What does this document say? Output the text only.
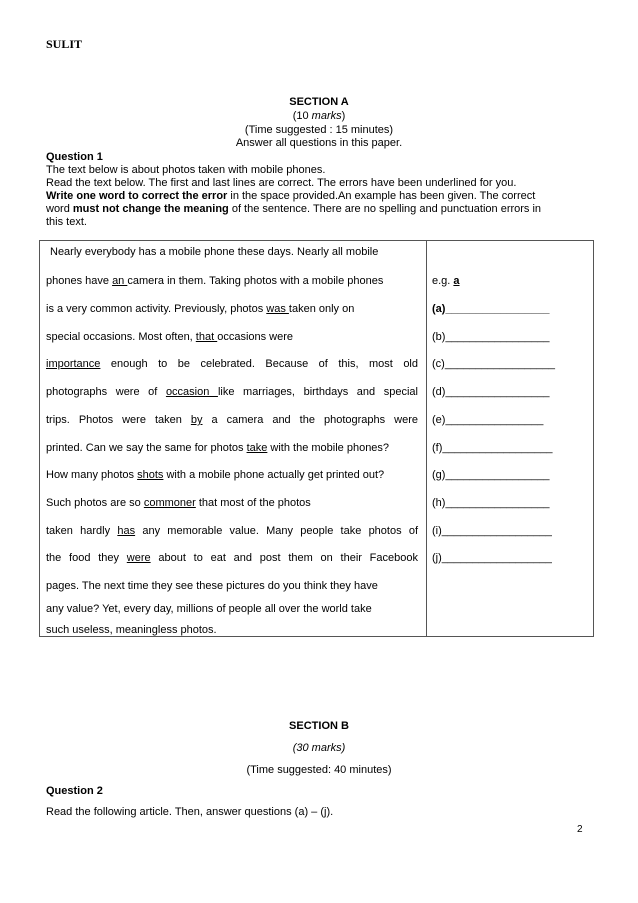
SULIT
SECTION A
(10 marks)
(Time suggested : 15 minutes)
Answer all questions in this paper.
Question 1
The text below is about photos taken with mobile phones.
Read the text below. The first and last lines are correct. The errors have been underlined for you.
Write one word to correct the error in the space provided.An example has been given. The correct
word must not change the meaning of the sentence. There are no spelling and punctuation errors in
this text.
Nearly everybody has a mobile phone these days. Nearly all mobile
phones have an camera in them. Taking photos with a mobile phones
is a very common activity. Previously, photos was taken only on
special occasions. Most often, that occasions were
importance enough to be celebrated. Because of this, most old
photographs were of occasion like marriages, birthdays and special
trips. Photos were taken by a camera and the photographs were
printed. Can we say the same for photos take with the mobile phones?
How many photos shots with a mobile phone actually get printed out?
Such photos are so commoner that most of the photos
taken hardly has any memorable value. Many people take photos of
the food they were about to eat and post them on their Facebook
pages. The next time they see these pictures do you think they have
any value? Yet, every day, millions of people all over the world take
such useless, meaningless photos.
e.g. a
(a)_________________
(b)_________________
(c)__________________
(d)_________________
(e)________________
(f)__________________
(g)_________________
(h)_________________
(i)__________________
(j)__________________
SECTION B
(30 marks)
(Time suggested: 40 minutes)
Question 2
Read the following article. Then, answer questions (a) – (j).
2
